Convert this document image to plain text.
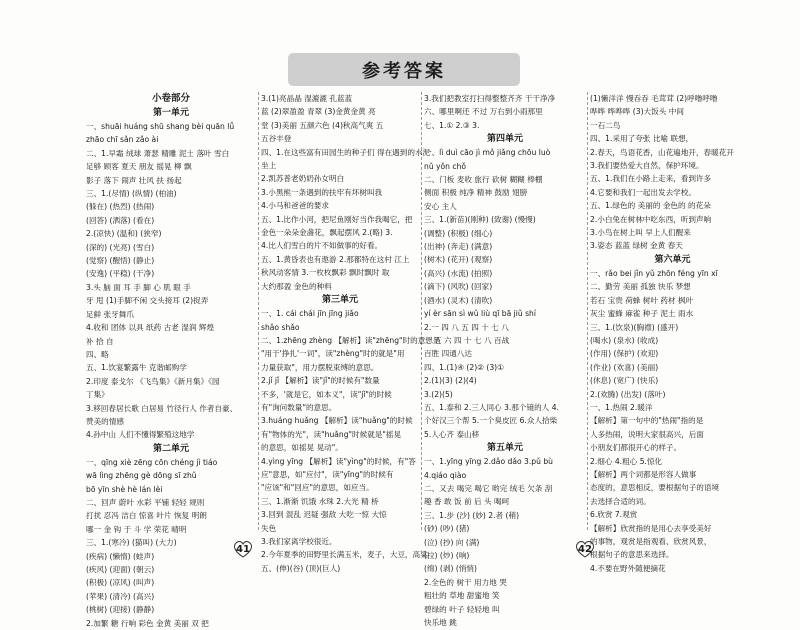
参考答案
小卷部分
第一单元
一、shuāi huáng shū shang bèi quān lǚ
zhāo chī sǎn zǎo ài
二、1.早霜 绒球 萧瑟 精雕 泥土 落叶 雪白
足够 顾客 夏天 朋友 摇晃 柳 飘
影子 落下 闹声 壮风 扶 扬起
三、1.(尽情) (纵情) (柏油)
(躲在) (热烈) (热闹)
(回答) (洒落) (看在)
2.(凉快) (温和) (狭窄)
(深的) (光亮) (雪白)
(觉察) (醒悟) (静止)
(安逸) (平稳) (干净)
3.头 脑 面 耳 手 脚 心 肌 眼 手
牙 甩 (1)手脚不闲 交头接耳 (2)捉弄
足鲜 张牙舞爪
4.收和 团体 以具 纸药 古老 湿润 辉煌
补 拾 自
四、略
五、1.饮宴繁露牛 克谐邮购学
2.印度 泰戈尔 《飞鸟集》《新月集》《园
丁集》
3.移回春居长歌 白居易 竹径行人 作者自豪、
赞美的情感
4.孙中山 人们不懂得繁殖这地学
第二单元
一、qīng xiè zēng cōn chéng jì tiáo
wā lìng zhēng gè dōng sī zhǔ
bō yīn shè hè lán lèi
二、回声 蔚叶 水彩 平铺 轻轻 规则
打扰 忍冯 洁白 惊喜 叶片 恢复 明朗
哪一 金 钩 于 斗 学 荣花 晴明
三、1.(寒冷) (猫叫) (大力)
(疾病) (懒惰) (蛙声)
(疾风) (迎面) (朝云)
(积极) (凉风) (叫声)
(苹果) (清冷) (高兴)
(桃树) (迎接) (静静)
2.加繁 糖 行响 彩色 金黄 美丽 双 把
3.(1)亮晶晶 湿漉漉 孔蓝蓝
蓝 (2)翠盈盈 青翠 (3)金黄金黄 亮
堂 (3)美丽 五颜六色 (4)秋高气爽 五
五谷丰登
四、1.在这些富有田园生的种子们 得在遇到的水泥
坐上
2.凯苏普老奶奶孙女明白
3.小黑熊一条遇到的扶牢有坏树叫我
4.小马和爸爸的要求
五、1.比作小河，把尼鱼刚好当作我喝它，把
金色一朵朵金盏花，飘起摆风 2.(略) 3.
4.比人们雪白的片不如做事的好看。
五、1.黄昏表也有遨游 2.那都特在这村 江上
秋风动客情 3.一枚枚飘彩 飘时飘时 取
大约那盈 金色的种料
第三单元
一、1. cái chái jīn jīng jiǎo
shǎo shǎo
二、1.zhēng zhèng 【解析】读"zhēng"时的意思是
"用于'挣扎'一词"，读"zhèng"时的就是"用
力量获取"，用力摆脱束缚的意思。
2.jǐ jǐ 【解析】读"jǐ"的时候有"数量
不多，'就是它，如本义"，读"jǐ"的时候
有"询问数量"的意思。
3.huáng huǎng 【解析】读"huǎng"的时候
有"物体的光"，读"huǎng"时候就是"摇晃
的意思，如摇晃 晃动"。
4.yìng yīng 【解析】读"yìng"的时候，有"答
应"意思，如"应付"，读"yīng"的时候有
"应该"和"回应"的意思，如应当。
三、1.渐渐 饥饿 水珠 2.大光 精 桥
3.回到 混乱 迟疑 强敌 大吃一惊 大惊
失色
3.我们家离学校很近。
2.今年夏季的田野里长满玉米，麦子，大豆，高粱
五、(伸)(谷) (顶)(巨人)
3.我们把教室打扫得整整齐齐 干干净净
六、哪里啊还 不过 万右到小雨那里
七、1.① 2.③ 3.
第四单元
一、lì duì cāo jì mǒ jiǎng chōu luò
nǔ yǒn chǒ
二、门板 麦收 旅行 砍树 糊糊 棒棚
侧面 积极 纯净 精神 鼓励 翅膀
安心 主人
三、1.(新苗)(刚种) (致谢) (慢慢)
(调整) (积极) (细心)
(出神) (奔走) (满意)
(树木) (花开) (观察)
(高兴) (水流) (拍照)
(滴下) (风吹) (回家)
(酒水) (灵木) (清吹)
yí èr sān sì wǔ liù qī bā jiǔ shí
2.一 四 八 五 四 十 七 八
一 五 六 四 十 七 八 百战
百胜 四通八达
四、1.(1)④ (2)② (3)①
2.(1)(3) (2)(4)
3.(2)(5)
五、1.泰和 2.三人同心 3.那个镜的人 4.
个好汉三个帮 5.一个臭皮匠 6.众人拾柴
5.人心齐 泰山移
第五单元
一、1.yīng yīng 2.dǎo dǎo 3.pǔ bù
4.qiáo qiào
二、又去 喝完 喝它 哟完 绒毛 欠条 刮
趣 香 敢 饭 前 后 头 喝呵
三、1.步 (沙) (妙) 2.者 (稍)
(砂) (吵) (猪)
(泣) (抄) 向 (满)
(拉) (炒) (响)
(绵) (剥) (悄悄)
2.全色的 树干 用力地 哭
粗壮的 草地 甜蜜地 笑
碧绿的 叶子 轻轻地 叫
快乐地 跳
(1)懒洋洋 慢吞吞 毛茸茸 (2)呼噜呼噜
哗哗 哗哗哗 (3)大饭头 中间
一石二鸟
四、1.采用了夸张 比喻 联想，
2.春天，鸟语花香，山花遍地开，春暖花开
3.我们要热爱大自然，保护环境。
五、1.我们在小路上走来，看到许多
4.它要和我们一起出发去学校。
五、1.绿色的 美丽的 金色的 的花朵
2.小白兔在树林中吃东西，听到声响
3.小鸟在树上叫 早上人们醒来
3.姿态 蓝蓝 绿树 金黄 春天
第六单元
一、rǎo bei jǐn yǔ zhōn féng yīn xī
二、勤劳 美丽 孤独 快乐 梦想
若石 宝贵 荷蜂 树叶 药材 枫叶
灰尘 蜜蜂 麻雀 种子 泥土 雨水
三、1.(饮泉)(胸襟) (盛开)
(喝水) (泉水) (收成)
(作用) (保护) (欢迎)
(作业) (欢喜) (美丽)
(休息) (宽广) (快乐)
2.(欢腾) (出发) (落叶)
一、1.热闹 2.暖洋
【解析】第一句中的"热闹"指的是
人多热闹，说明大家很高兴，后面
小朋友们都很开心的样子。
2.细心 4.粗心 5.惊化
【解析】两个词都是形容人做事
态度的，意思相反，要根据句子的语境
去选择合适的词。
6.欣赏 7.观赏
【解析】欣赏指的是用心去享受美好
的事物，观赏是指观看、欣赏风景，
根据句子的意思来选择。
4.不要在野外随便摘花
41	42
